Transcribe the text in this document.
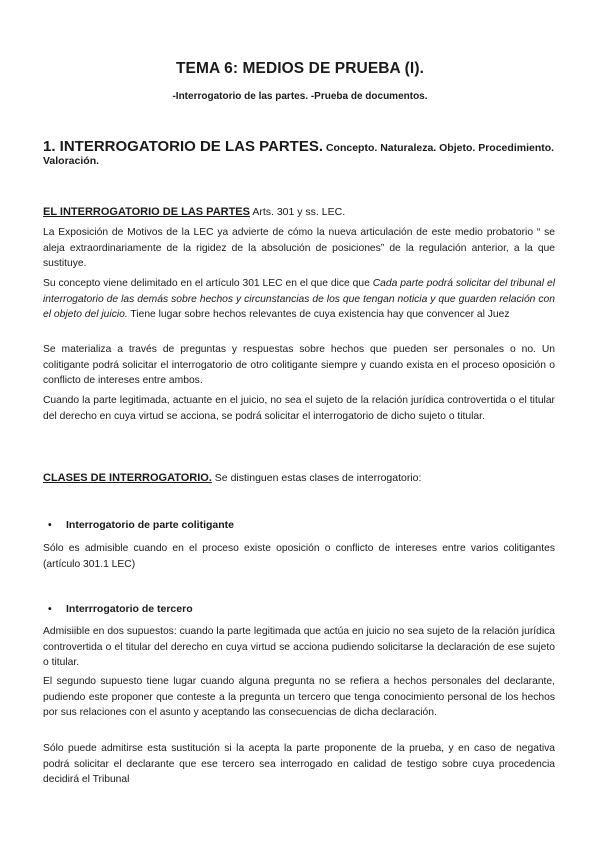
TEMA 6: MEDIOS DE PRUEBA (I).
-Interrogatorio de las partes. -Prueba de documentos.
1. INTERROGATORIO DE LAS PARTES. Concepto. Naturaleza. Objeto. Procedimiento. Valoración.
EL INTERROGATORIO DE LAS PARTES Arts. 301 y ss. LEC.

La Exposición de Motivos de la LEC ya advierte de cómo la nueva articulación de este medio probatorio “ se aleja extraordinariamente de la rigidez de la absolución de posiciones” de la regulación anterior, a la que sustituye.

Su concepto viene delimitado en el artículo 301 LEC en el que dice que Cada parte podrá solicitar del tribunal el interrogatorio de las demás sobre hechos y circunstancias de los que tengan noticia y que guarden relación con el objeto del juicio. Tiene lugar sobre hechos relevantes de cuya existencia hay que convencer al Juez

Se materializa a través de preguntas y respuestas sobre hechos que pueden ser personales o no. Un colitigante podrá solicitar el interrogatorio de otro colitigante siempre y cuando exista en el proceso oposición o conflicto de intereses entre ambos.

Cuando la parte legitimada, actuante en el juicio, no sea el sujeto de la relación jurídica controvertida o el titular del derecho en cuya virtud se acciona, se podrá solicitar el interrogatorio de dicho sujeto o titular.

CLASES DE INTERROGATORIO. Se distinguen estas clases de interrogatorio:
• Interrogatorio de parte colitigante

Sólo es admisible cuando en el proceso existe oposición o conflicto de intereses entre varios colitigantes (artículo 301.1 LEC)

• Interrrogatorio de tercero

Admisiible en dos supuestos: cuando la parte legitimada que actúa en juicio no sea sujeto de la relación jurídica controvertida o el titular del derecho en cuya virtud se acciona pudiendo solicitarse la declaración de ese sujeto o titular.

El segundo supuesto tiene lugar cuando alguna pregunta no se refiera a hechos personales del declarante, pudiendo este proponer que conteste a la pregunta un tercero que tenga conocimiento personal de los hechos por sus relaciones con el asunto y aceptando las consecuencias de dicha declaración.

Sólo puede admitirse esta sustitución si la acepta la parte proponente de la prueba, y en caso de negativa podrá solicitar el declarante que ese tercero sea interrogado en calidad de testigo sobre cuya procedencia decidirá el Tribunal
